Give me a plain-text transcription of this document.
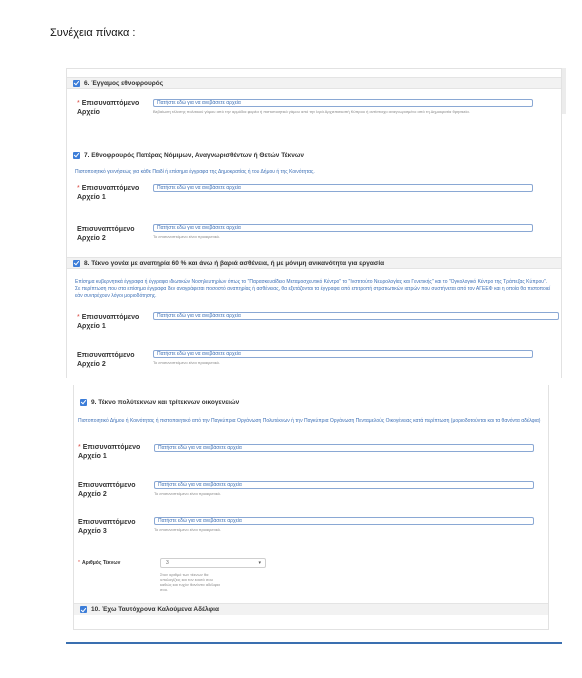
Συνέχεια πίνακα :
6. Έγγαμος εθνοφρουρός
* Επισυναπτόμενο Αρχείο
Πατήστε εδώ για να ανεβάσετε αρχεία
Βεβαίωση τέλεσης πολιτικού γάμου από την αρμόδια φορέα ή πιστοποιητικό γάμου από την Ιερά Αρχιεπισκοπή Κύπρου ή αντίστοιχο αναγνωρισμένο από τη Δημοκρατία θρησκεία.
7. Εθνοφρουρός Πατέρας Νόμιμων, Αναγνωρισθέντων ή Θετών Τέκνων
Πιστοποιητικό γεννήσεως για κάθε Παιδί ή επίσημα έγγραφα της Δημοκρατίας ή του Δήμου ή της Κοινότητας.
* Επισυναπτόμενο Αρχείο 1
Πατήστε εδώ για να ανεβάσετε αρχεία
Επισυναπτόμενο Αρχείο 2
Πατήστε εδώ για να ανεβάσετε αρχεία
Το επισυναπτόμενο είναι προαιρετικό.
8. Τέκνο γονέα με αναπηρία 60 % και άνω ή βαριά ασθένεια, ή με μόνιμη ανικανότητα για εργασία
Επίσημα κυβερνητικά έγγραφα ή έγγραφα ιδιωτικών Νοσηλευτηρίων όπως το "Παρασκευαΐδειο Μεταμοσχευτικό Κέντρο" το "Ινστιτούτο Νευρολογίας και Γενετικής" και το "Ογκολογικό Κέντρο της Τράπεζας Κύπρου". Σε περίπτωση που στα επίσημα έγγραφα δεν αναγράφεται ποσοστό αναπηρίας ή ασθένειας, θα εξετάζονται τα έγγραφα από επιτροπή στρατιωτικών ιατρών που συστήνεται από τον ΑΓΕΕΦ και η οποία θα πιστοποιεί εάν συντρέχουν λόγοι μοριοδότησης.
* Επισυναπτόμενο Αρχείο 1
Πατήστε εδώ για να ανεβάσετε αρχεία
Επισυναπτόμενο Αρχείο 2
Πατήστε εδώ για να ανεβάσετε αρχεία
Το επισυναπτόμενο είναι προαιρετικό.
9. Τέκνο πολύτεκνων και τρίτεκνων οικογενειών
Πιστοποιητικό Δήμου ή Κοινότητας ή πιστοποιητικό από την Παγκύπρια Οργάνωση Πολυτέκνων ή την Παγκύπρια Οργάνωση Πενταμελούς Οικογένειας κατά περίπτωση (μοριοδοτούνται και τα θανόντα αδέλφια)
* Επισυναπτόμενο Αρχείο 1
Πατήστε εδώ για να ανεβάσετε αρχεία
Επισυναπτόμενο Αρχείο 2
Πατήστε εδώ για να ανεβάσετε αρχεία
Το επισυναπτόμενο είναι προαιρετικό.
Επισυναπτόμενο Αρχείο 3
Πατήστε εδώ για να ανεβάσετε αρχεία
Το επισυναπτόμενο είναι προαιρετικό.
* Αριθμός Τέκνων	3	▾
Στον αριθμό των τέκνων θα υπολογίζεις και τον εαυτό σου καθώς και τυχόν θανόντα αδέλφια σου.
10. Έχω Ταυτόχρονα Καλούμενα Αδέλφια
